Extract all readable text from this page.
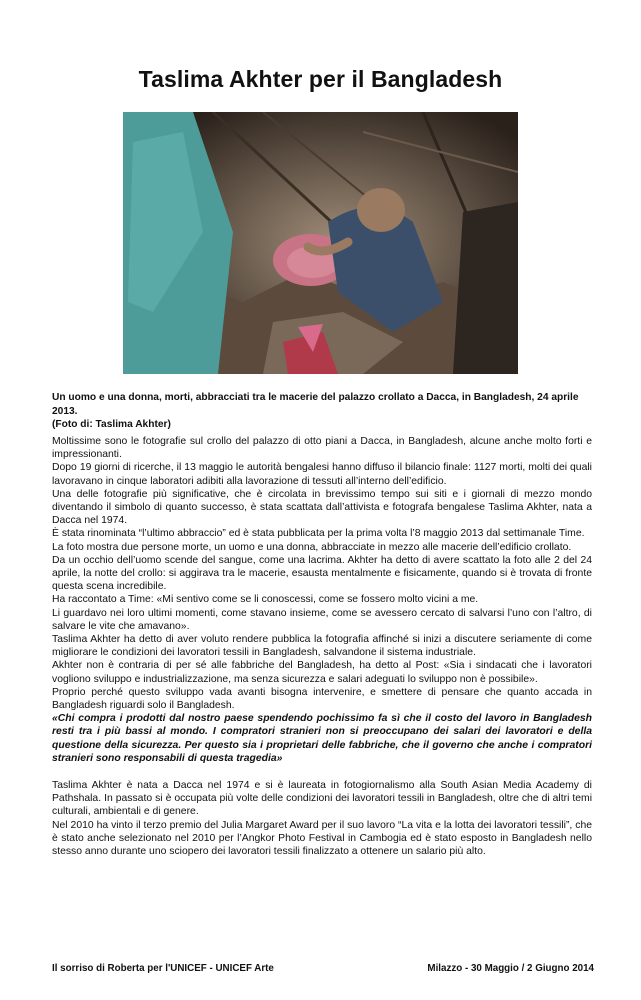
Taslima Akhter per il Bangladesh

Un uomo e una donna, morti, abbracciati tra le macerie del palazzo crollato a Dacca, in Bangladesh, 24 aprile 2013.

(Foto di: Taslima Akhter)

Moltissime sono le fotografie sul crollo del palazzo di otto piani a Dacca, in Bangladesh, alcune anche molto forti e impressionanti.

Dopo 19 giorni di ricerche, il 13 maggio le autorità bengalesi hanno diffuso il bilancio finale: 1127 morti, molti dei quali lavoravano in cinque laboratori adibiti alla lavorazione di tessuti all’interno dell’edificio.

Una delle fotografie più significative, che è circolata in brevissimo tempo sui siti e i giornali di mezzo mondo diventando il simbolo di quanto successo, è stata scattata dall’attivista e fotografa bengalese Taslima Akhter, nata a Dacca nel 1974.

È stata rinominata “l’ultimo abbraccio” ed è stata pubblicata per la prima volta l’8 maggio 2013 dal settimanale Time.

La foto mostra due persone morte, un uomo e una donna, abbracciate in mezzo alle macerie dell’edificio crollato.

Da un occhio dell’uomo scende del sangue, come una lacrima. Akhter ha detto di avere scattato la foto alle 2 del 24 aprile, la notte del crollo: si aggirava tra le macerie, esausta mentalmente e fisicamente, quando si è trovata di fronte questa scena incredibile.

Ha raccontato a Time: «Mi sentivo come se li conoscessi, come se fossero molto vicini a me.

Li guardavo nei loro ultimi momenti, come stavano insieme, come se avessero cercato di salvarsi l’uno con l’altro, di salvare le vite che amavano».

Taslima Akhter ha detto di aver voluto rendere pubblica la fotografia affinché si inizi a discutere seriamente di come migliorare le condizioni dei lavoratori tessili in Bangladesh, salvandone il sistema industriale.

Akhter non è contraria di per sé alle fabbriche del Bangladesh, ha detto al Post: «Sia i sindacati che i lavoratori vogliono sviluppo e industrializzazione, ma senza sicurezza e salari adeguati lo sviluppo non è possibile».

Proprio perché questo sviluppo vada avanti bisogna intervenire, e smettere di pensare che quanto accada in Bangladesh riguardi solo il Bangladesh.

«Chi compra i prodotti dal nostro paese spendendo pochissimo fa sì che il costo del lavoro in Bangladesh resti tra i più bassi al mondo. I compratori stranieri non si preoccupano dei salari dei lavoratori e della questione della sicurezza. Per questo sia i proprietari delle fabbriche, che il governo che anche i compratori stranieri sono responsabili di questa tragedia»

Taslima Akhter è nata a Dacca nel 1974 e si è laureata in fotogiornalismo alla South Asian Media Academy di Pathshala. In passato si è occupata più volte delle condizioni dei lavoratori tessili in Bangladesh, oltre che di altri temi culturali, ambientali e di genere.

Nel 2010 ha vinto il terzo premio del Julia Margaret Award per il suo lavoro “La vita e la lotta dei lavoratori tessili”, che è stato anche selezionato nel 2010 per l’Angkor Photo Festival in Cambogia ed è stato esposto in Bangladesh nello stesso anno durante uno sciopero dei lavoratori tessili finalizzato a ottenere un salario più alto.

Il sorriso di Roberta per l'UNICEF - UNICEF Arte	Milazzo - 30 Maggio / 2 Giugno 2014
